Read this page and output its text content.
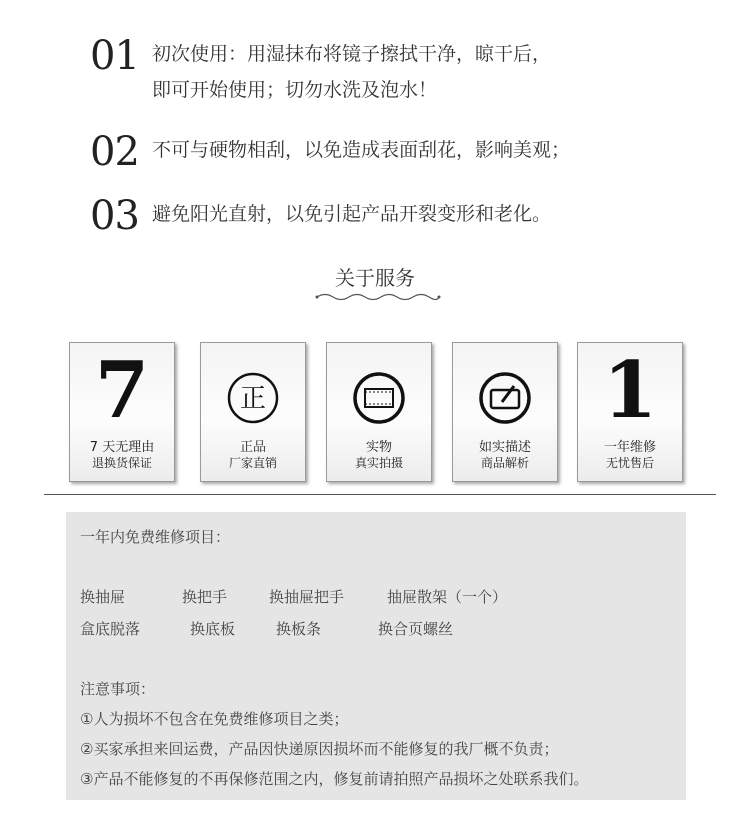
01 初次使用：用湿抹布将镜子擦拭干净，晾干后，
即可开始使用；切勿水洗及泡水！
02 不可与硬物相刮，以免造成表面刮花，影响美观；
03 避免阳光直射，以免引起产品开裂变形和老化。
关于服务
7
7 天无理由
退换货保证
正
正品
厂家直销
实物
真实拍摄
如实描述
商品解析
1
一年维修
无忧售后
一年内免费维修项目：
换抽屉	换把手	换抽屉把手	抽屉散架（一个）
盒底脱落	换底板	换板条	换合页螺丝
注意事项：
①人为损坏不包含在免费维修项目之类；
②买家承担来回运费，产品因快递原因损坏而不能修复的我厂概不负责；
③产品不能修复的不再保修范围之内，修复前请拍照产品损坏之处联系我们。
